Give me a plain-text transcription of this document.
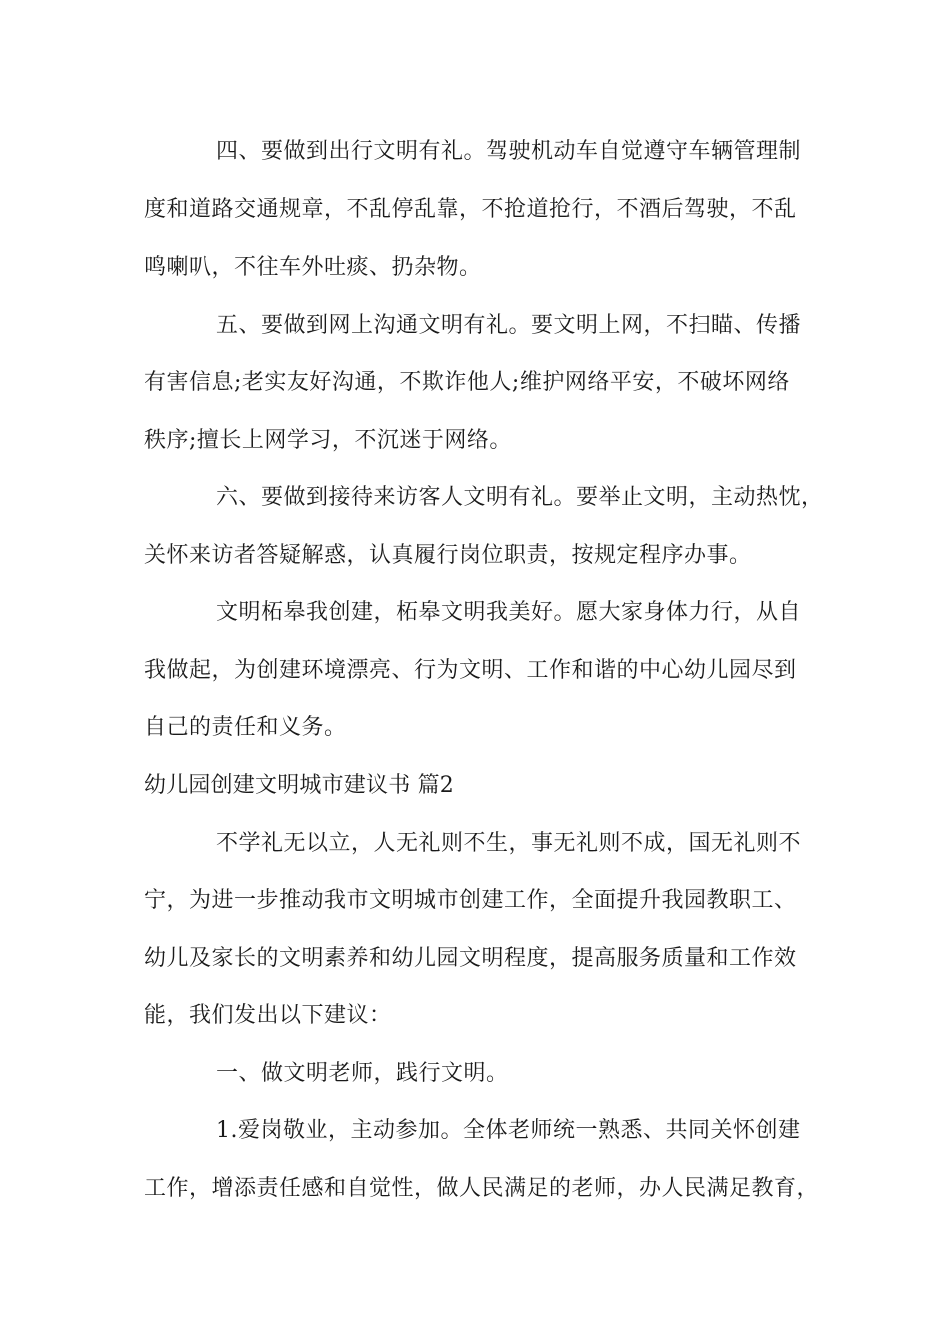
四、要做到出行文明有礼。驾驶机动车自觉遵守车辆管理制
度和道路交通规章，不乱停乱靠，不抢道抢行，不酒后驾驶，不乱
鸣喇叭，不往车外吐痰、扔杂物。
五、要做到网上沟通文明有礼。要文明上网，不扫瞄、传播
有害信息;老实友好沟通，不欺诈他人;维护网络平安，不破坏网络
秩序;擅长上网学习，不沉迷于网络。
六、要做到接待来访客人文明有礼。要举止文明，主动热忱，
关怀来访者答疑解惑，认真履行岗位职责，按规定程序办事。
文明柘皋我创建，柘皋文明我美好。愿大家身体力行，从自
我做起，为创建环境漂亮、行为文明、工作和谐的中心幼儿园尽到
自己的责任和义务。
幼儿园创建文明城市建议书 篇2
不学礼无以立，人无礼则不生，事无礼则不成，国无礼则不
宁，为进一步推动我市文明城市创建工作，全面提升我园教职工、
幼儿及家长的文明素养和幼儿园文明程度，提高服务质量和工作效
能，我们发出以下建议：
一、做文明老师，践行文明。
1.爱岗敬业，主动参加。全体老师统一熟悉、共同关怀创建
工作，增添责任感和自觉性，做人民满足的老师，办人民满足教育，
